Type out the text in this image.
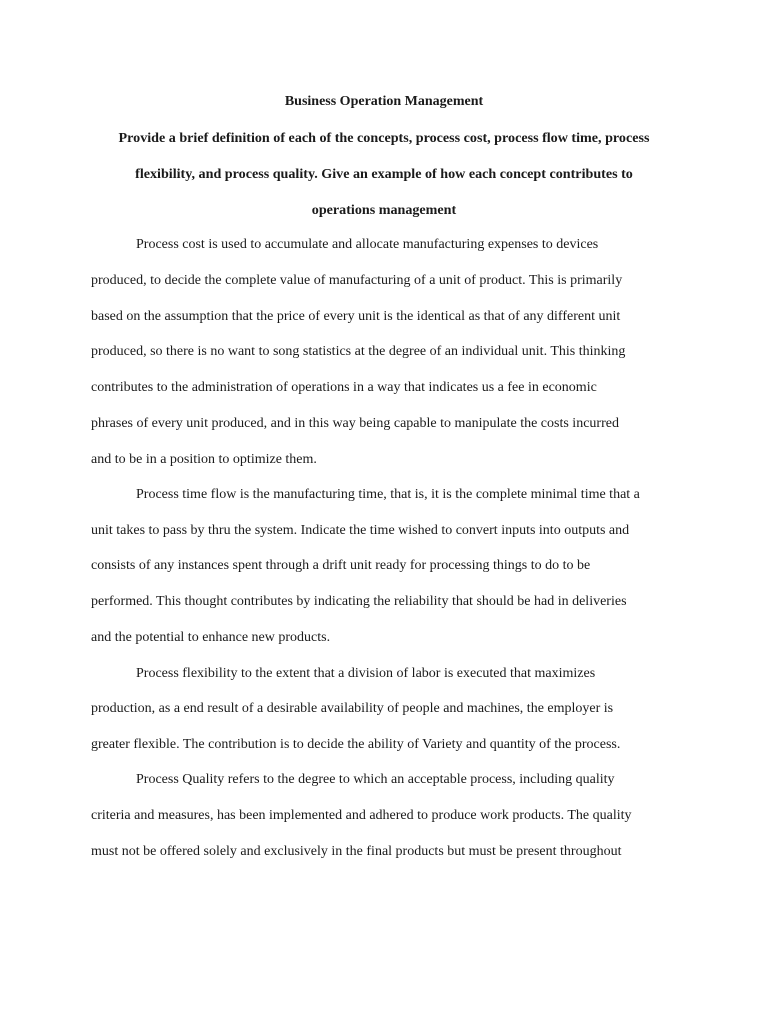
Business Operation Management
Provide a brief definition of each of the concepts, process cost, process flow time, process
flexibility, and process quality. Give an example of how each concept contributes to
operations management
Process cost is used to accumulate and allocate manufacturing expenses to devices
produced, to decide the complete value of manufacturing of a unit of product. This is primarily
based on the assumption that the price of every unit is the identical as that of any different unit
produced, so there is no want to song statistics at the degree of an individual unit. This thinking
contributes to the administration of operations in a way that indicates us a fee in economic
phrases of every unit produced, and in this way being capable to manipulate the costs incurred
and to be in a position to optimize them.
Process time flow is the manufacturing time, that is, it is the complete minimal time that a
unit takes to pass by thru the system. Indicate the time wished to convert inputs into outputs and
consists of any instances spent through a drift unit ready for processing things to do to be
performed. This thought contributes by indicating the reliability that should be had in deliveries
and the potential to enhance new products.
Process flexibility to the extent that a division of labor is executed that maximizes
production, as a end result of a desirable availability of people and machines, the employer is
greater flexible. The contribution is to decide the ability of Variety and quantity of the process.
Process Quality refers to the degree to which an acceptable process, including quality
criteria and measures, has been implemented and adhered to produce work products. The quality
must not be offered solely and exclusively in the final products but must be present throughout
